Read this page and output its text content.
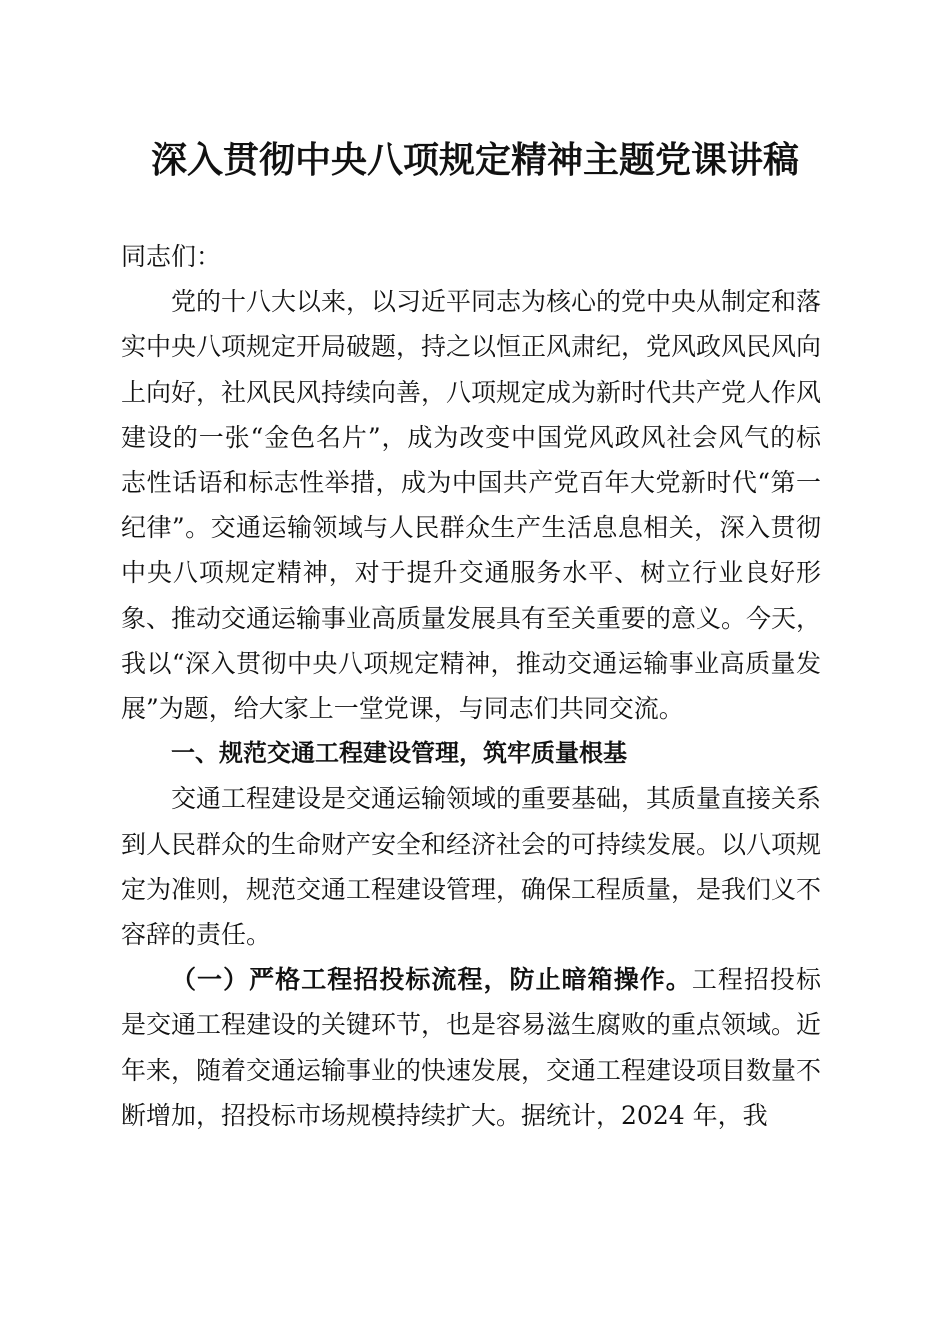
深入贯彻中央八项规定精神主题党课讲稿

同志们：

党的十八大以来，以习近平同志为核心的党中央从制定和落实中央八项规定开局破题，持之以恒正风肃纪，党风政风民风向上向好，社风民风持续向善，八项规定成为新时代共产党人作风建设的一张“金色名片”，成为改变中国党风政风社会风气的标志性话语和标志性举措，成为中国共产党百年大党新时代“第一纪律”。交通运输领域与人民群众生产生活息息相关，深入贯彻中央八项规定精神，对于提升交通服务水平、树立行业良好形象、推动交通运输事业高质量发展具有至关重要的意义。今天，我以“深入贯彻中央八项规定精神，推动交通运输事业高质量发展”为题，给大家上一堂党课，与同志们共同交流。

一、规范交通工程建设管理，筑牢质量根基

交通工程建设是交通运输领域的重要基础，其质量直接关系到人民群众的生命财产安全和经济社会的可持续发展。以八项规定为准则，规范交通工程建设管理，确保工程质量，是我们义不容辞的责任。

（一）严格工程招投标流程，防止暗箱操作。工程招投标是交通工程建设的关键环节，也是容易滋生腐败的重点领域。近年来，随着交通运输事业的快速发展，交通工程建设项目数量不断增加，招投标市场规模持续扩大。据统计，2024 年，我
